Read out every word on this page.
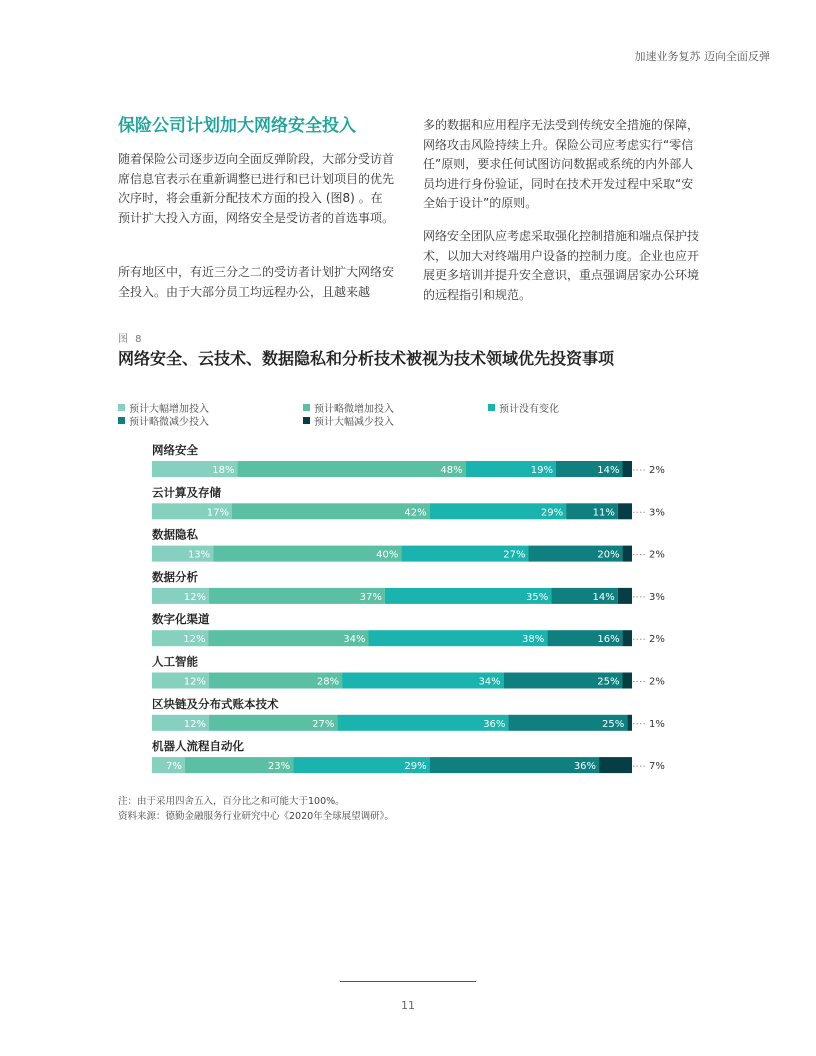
加速业务复苏 迈向全面反弹
保险公司计划加大网络安全投入

随着保险公司逐步迈向全面反弹阶段，大部分受访首席信息官表示在重新调整已进行和已计划项目的优先次序时，将会重新分配技术方面的投入 (图8) 。在预计扩大投入方面，网络安全是受访者的首选事项。

所有地区中，有近三分之二的受访者计划扩大网络安全投入。由于大部分员工均远程办公，且越来越

多的数据和应用程序无法受到传统安全措施的保障，网络攻击风险持续上升。保险公司应考虑实行“零信任”原则，要求任何试图访问数据或系统的内外部人员均进行身份验证，同时在技术开发过程中采取“安全始于设计”的原则。

网络安全团队应考虑采取强化控制措施和端点保护技术，以加大对终端用户设备的控制力度。企业也应开展更多培训并提升安全意识，重点强调居家办公环境的远程指引和规范。

图 8
网络安全、云技术、数据隐私和分析技术被视为技术领域优先投资事项
预计大幅增加投入	预计略微增加投入	预计没有变化
预计略微减少投入	预计大幅减少投入
网络安全
18%	48%	19%	14%	2%
云计算及存储
17%	42%	29%	11%	3%
数据隐私
13%	40%	27%	20%	2%
数据分析
12%	37%	35%	14%	3%
数字化渠道
12%	34%	38%	16%	2%
人工智能
12%	28%	34%	25%	2%
区块链及分布式账本技术
12%	27%	36%	25% 1%
机器人流程自动化
7%	23%	29%	36%	7%
注：由于采用四舍五入，百分比之和可能大于100%。
资料来源：德勤金融服务行业研究中心《2020年全球展望调研》。
11
